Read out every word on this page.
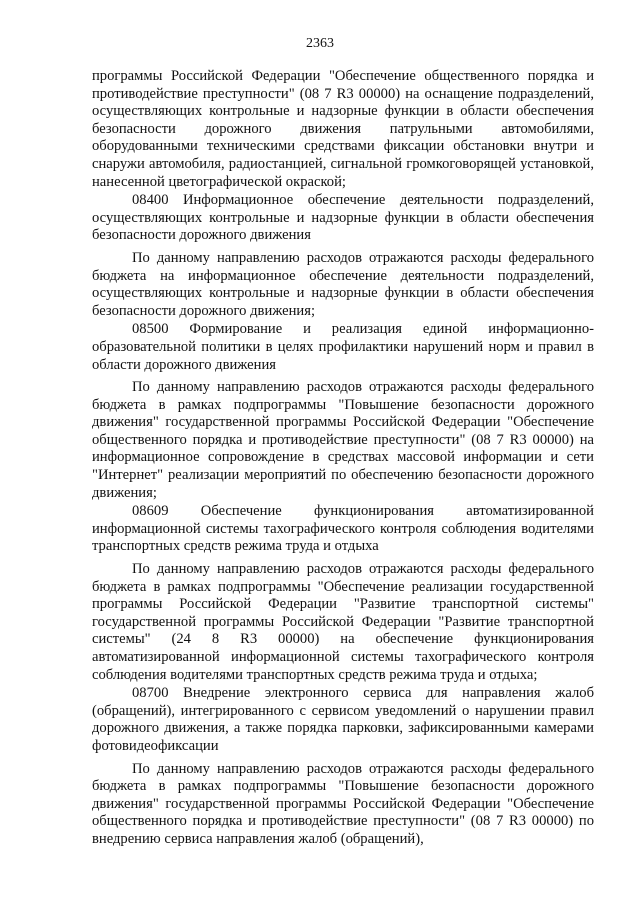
2363

программы Российской Федерации "Обеспечение общественного порядка и противодействие преступности" (08 7 R3 00000) на оснащение подразделений, осуществляющих контрольные и надзорные функции в области обеспечения безопасности дорожного движения патрульными автомобилями, оборудованными техническими средствами фиксации обстановки внутри и снаружи автомобиля, радиостанцией, сигнальной громкоговорящей установкой, нанесенной цветографической окраской;

08400 Информационное обеспечение деятельности подразделений, осуществляющих контрольные и надзорные функции в области обеспечения безопасности дорожного движения

По данному направлению расходов отражаются расходы федерального бюджета на информационное обеспечение деятельности подразделений, осуществляющих контрольные и надзорные функции в области обеспечения безопасности дорожного движения;

08500 Формирование и реализация единой информационно-образовательной политики в целях профилактики нарушений норм и правил в области дорожного движения

По данному направлению расходов отражаются расходы федерального бюджета в рамках подпрограммы "Повышение безопасности дорожного движения" государственной программы Российской Федерации "Обеспечение общественного порядка и противодействие преступности" (08 7 R3 00000) на информационное сопровождение в средствах массовой информации и сети "Интернет" реализации мероприятий по обеспечению безопасности дорожного движения;

08609 Обеспечение функционирования автоматизированной информационной системы тахографического контроля соблюдения водителями транспортных средств режима труда и отдыха

По данному направлению расходов отражаются расходы федерального бюджета в рамках подпрограммы "Обеспечение реализации государственной программы Российской Федерации "Развитие транспортной системы" государственной программы Российской Федерации "Развитие транспортной системы" (24 8 R3 00000) на обеспечение функционирования автоматизированной информационной системы тахографического контроля соблюдения водителями транспортных средств режима труда и отдыха;

08700 Внедрение электронного сервиса для направления жалоб (обращений), интегрированного с сервисом уведомлений о нарушении правил дорожного движения, а также порядка парковки, зафиксированными камерами фотовидеофиксации

По данному направлению расходов отражаются расходы федерального бюджета в рамках подпрограммы "Повышение безопасности дорожного движения" государственной программы Российской Федерации "Обеспечение общественного порядка и противодействие преступности" (08 7 R3 00000) по внедрению сервиса направления жалоб (обращений),
